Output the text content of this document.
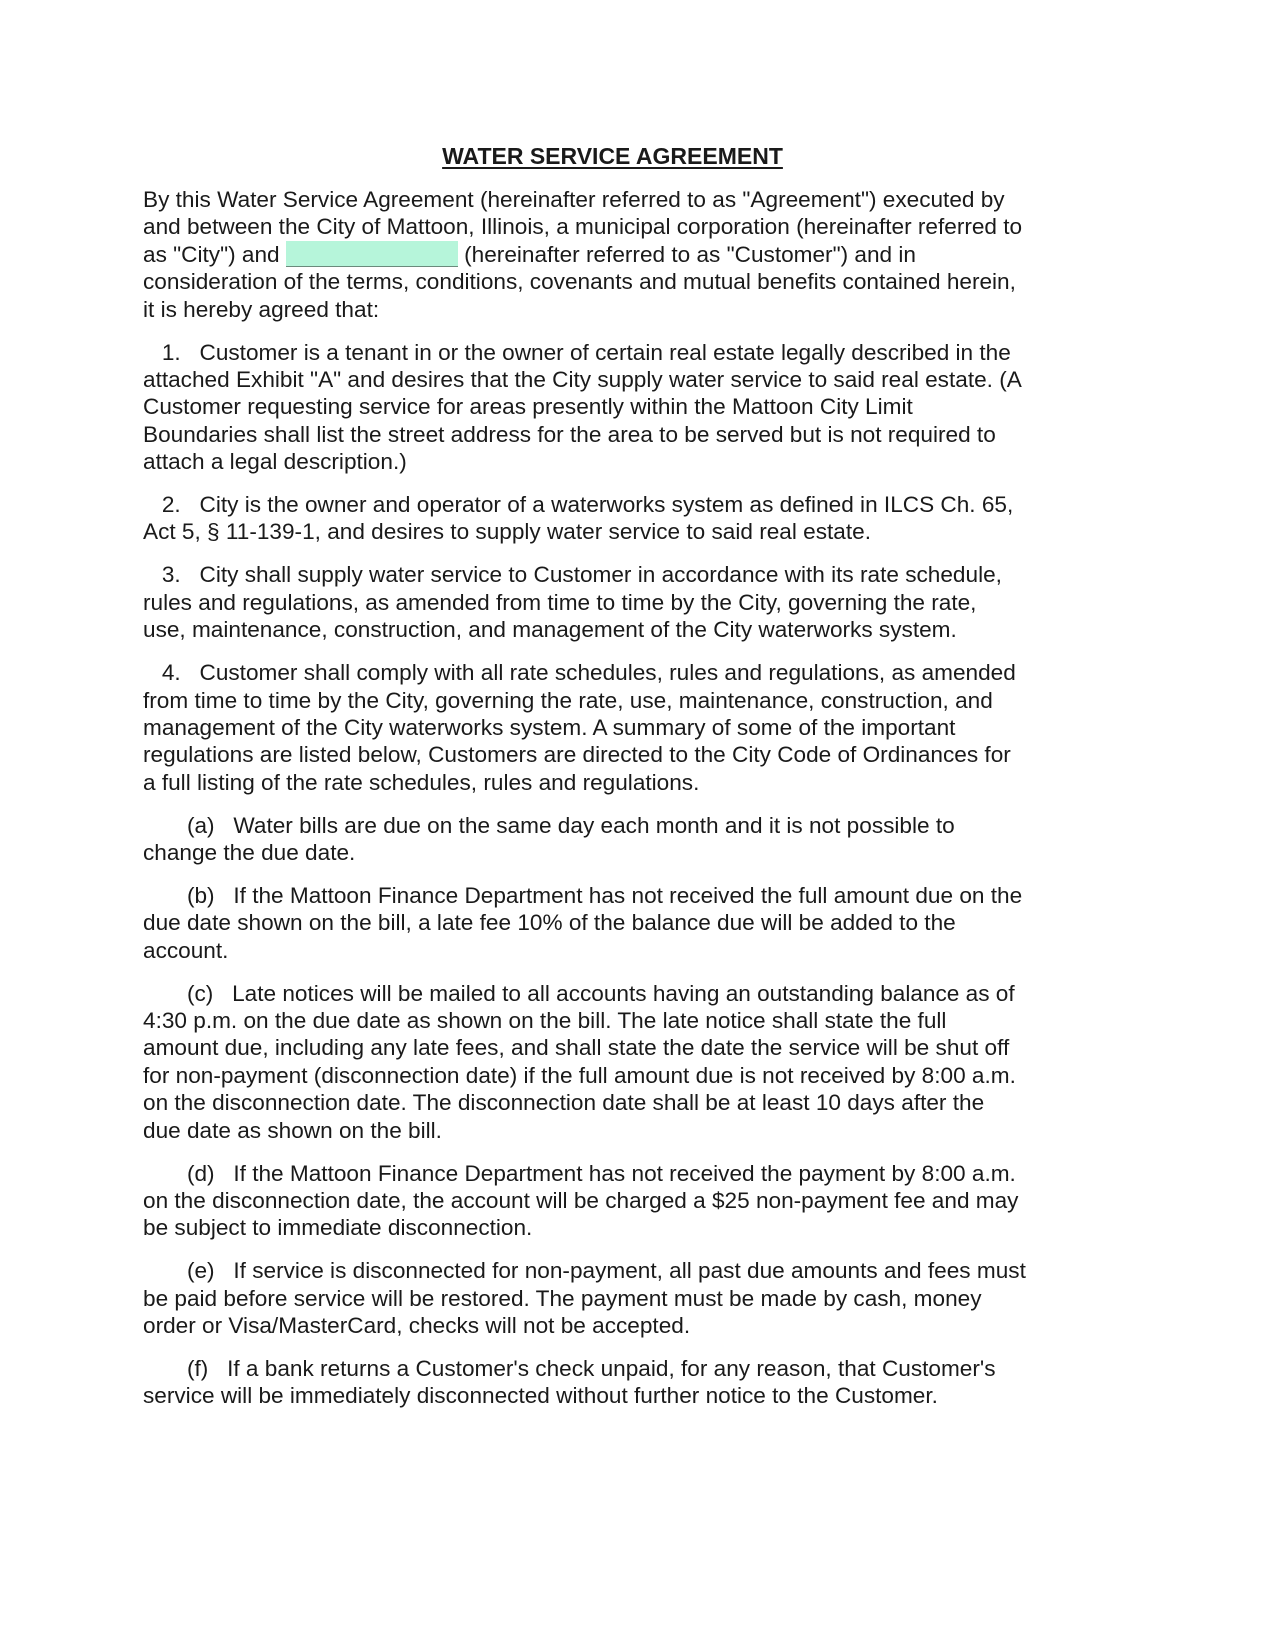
WATER SERVICE AGREEMENT

By this Water Service Agreement (hereinafter referred to as "Agreement") executed by
and between the City of Mattoon, Illinois, a municipal corporation (hereinafter referred to
as "City") and	(hereinafter referred to as "Customer") and in
consideration of the terms, conditions, covenants and mutual benefits contained herein,
it is hereby agreed that:

1.   Customer is a tenant in or the owner of certain real estate legally described in the
attached Exhibit "A" and desires that the City supply water service to said real estate. (A
Customer requesting service for areas presently within the Mattoon City Limit
Boundaries shall list the street address for the area to be served but is not required to
attach a legal description.)

2.   City is the owner and operator of a waterworks system as defined in ILCS Ch. 65,
Act 5, § 11-139-1, and desires to supply water service to said real estate.

3.   City shall supply water service to Customer in accordance with its rate schedule,
rules and regulations, as amended from time to time by the City, governing the rate,
use, maintenance, construction, and management of the City waterworks system.

4.   Customer shall comply with all rate schedules, rules and regulations, as amended
from time to time by the City, governing the rate, use, maintenance, construction, and
management of the City waterworks system. A summary of some of the important
regulations are listed below, Customers are directed to the City Code of Ordinances for
a full listing of the rate schedules, rules and regulations.

(a)   Water bills are due on the same day each month and it is not possible to
change the due date.

(b)   If the Mattoon Finance Department has not received the full amount due on the
due date shown on the bill, a late fee 10% of the balance due will be added to the
account.

(c)   Late notices will be mailed to all accounts having an outstanding balance as of
4:30 p.m. on the due date as shown on the bill. The late notice shall state the full
amount due, including any late fees, and shall state the date the service will be shut off
for non-payment (disconnection date) if the full amount due is not received by 8:00 a.m.
on the disconnection date. The disconnection date shall be at least 10 days after the
due date as shown on the bill.

(d)   If the Mattoon Finance Department has not received the payment by 8:00 a.m.
on the disconnection date, the account will be charged a $25 non-payment fee and may
be subject to immediate disconnection.

(e)   If service is disconnected for non-payment, all past due amounts and fees must
be paid before service will be restored. The payment must be made by cash, money
order or Visa/MasterCard, checks will not be accepted.

(f)   If a bank returns a Customer's check unpaid, for any reason, that Customer's
service will be immediately disconnected without further notice to the Customer.
